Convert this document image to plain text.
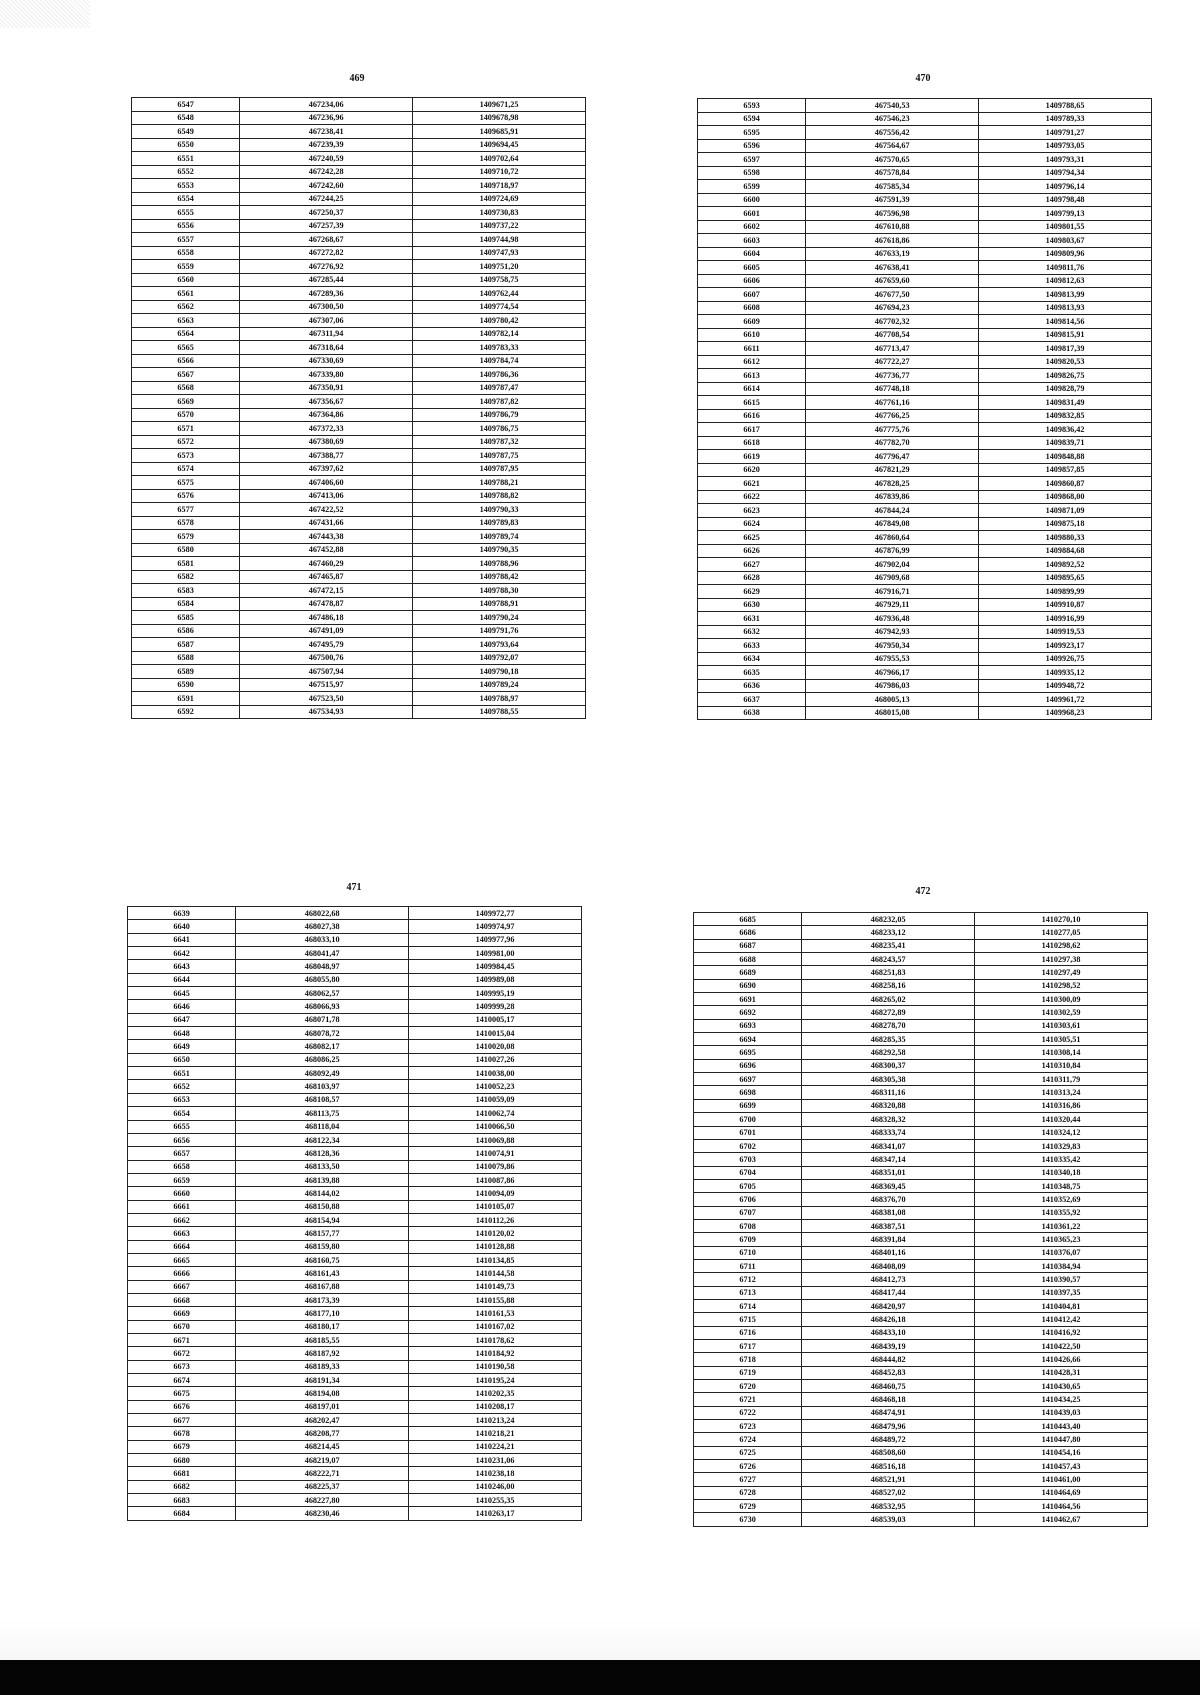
469
6547	467234,06	1409671,25
6548	467236,96	1409678,98
6549	467238,41	1409685,91
6550	467239,39	1409694,45
6551	467240,59	1409702,64
6552	467242,28	1409710,72
6553	467242,60	1409718,97
6554	467244,25	1409724,69
6555	467250,37	1409730,83
6556	467257,39	1409737,22
6557	467268,67	1409744,98
6558	467272,82	1409747,93
6559	467276,92	1409751,20
6560	467285,44	1409758,75
6561	467289,36	1409762,44
6562	467300,50	1409774,54
6563	467307,06	1409780,42
6564	467311,94	1409782,14
6565	467318,64	1409783,33
6566	467330,69	1409784,74
6567	467339,80	1409786,36
6568	467350,91	1409787,47
6569	467356,67	1409787,82
6570	467364,86	1409786,79
6571	467372,33	1409786,75
6572	467380,69	1409787,32
6573	467388,77	1409787,75
6574	467397,62	1409787,95
6575	467406,60	1409788,21
6576	467413,06	1409788,82
6577	467422,52	1409790,33
6578	467431,66	1409789,83
6579	467443,38	1409789,74
6580	467452,88	1409790,35
6581	467460,29	1409788,96
6582	467465,87	1409788,42
6583	467472,15	1409788,30
6584	467478,87	1409788,91
6585	467486,18	1409790,24
6586	467491,09	1409791,76
6587	467495,79	1409793,64
6588	467500,76	1409792,07
6589	467507,94	1409790,18
6590	467515,97	1409789,24
6591	467523,50	1409788,97
6592	467534,93	1409788,55
470
6593	467540,53	1409788,65
6594	467546,23	1409789,33
6595	467556,42	1409791,27
6596	467564,67	1409793,05
6597	467570,65	1409793,31
6598	467578,84	1409794,34
6599	467585,34	1409796,14
6600	467591,39	1409798,48
6601	467596,98	1409799,13
6602	467610,88	1409801,55
6603	467618,86	1409803,67
6604	467633,19	1409809,96
6605	467638,41	1409811,76
6606	467659,60	1409812,63
6607	467677,50	1409813,99
6608	467694,23	1409813,93
6609	467702,32	1409814,56
6610	467708,54	1409815,91
6611	467713,47	1409817,39
6612	467722,27	1409820,53
6613	467736,77	1409826,75
6614	467748,18	1409828,79
6615	467761,16	1409831,49
6616	467766,25	1409832,85
6617	467775,76	1409836,42
6618	467782,70	1409839,71
6619	467796,47	1409848,88
6620	467821,29	1409857,85
6621	467828,25	1409860,87
6622	467839,86	1409868,00
6623	467844,24	1409871,09
6624	467849,08	1409875,18
6625	467860,64	1409880,33
6626	467876,99	1409884,68
6627	467902,04	1409892,52
6628	467909,68	1409895,65
6629	467916,71	1409899,99
6630	467929,11	1409910,87
6631	467936,48	1409916,99
6632	467942,93	1409919,53
6633	467950,34	1409923,17
6634	467955,53	1409926,75
6635	467966,17	1409935,12
6636	467986,03	1409948,72
6637	468005,13	1409961,72
6638	468015,08	1409968,23
471
6639	468022,68	1409972,77
6640	468027,38	1409974,97
6641	468033,10	1409977,96
6642	468041,47	1409981,00
6643	468048,97	1409984,45
6644	468055,80	1409989,08
6645	468062,57	1409995,19
6646	468066,93	1409999,28
6647	468071,78	1410005,17
6648	468078,72	1410015,04
6649	468082,17	1410020,08
6650	468086,25	1410027,26
6651	468092,49	1410038,00
6652	468103,97	1410052,23
6653	468108,57	1410059,09
6654	468113,75	1410062,74
6655	468118,04	1410066,50
6656	468122,34	1410069,88
6657	468128,36	1410074,91
6658	468133,50	1410079,86
6659	468139,88	1410087,86
6660	468144,02	1410094,09
6661	468150,88	1410105,07
6662	468154,94	1410112,26
6663	468157,77	1410120,02
6664	468159,80	1410128,88
6665	468160,75	1410134,85
6666	468161,43	1410144,58
6667	468167,88	1410149,73
6668	468173,39	1410155,88
6669	468177,10	1410161,53
6670	468180,17	1410167,02
6671	468185,55	1410178,62
6672	468187,92	1410184,92
6673	468189,33	1410190,58
6674	468191,34	1410195,24
6675	468194,08	1410202,35
6676	468197,01	1410208,17
6677	468202,47	1410213,24
6678	468208,77	1410218,21
6679	468214,45	1410224,21
6680	468219,07	1410231,06
6681	468222,71	1410238,18
6682	468225,37	1410246,00
6683	468227,80	1410255,35
6684	468230,46	1410263,17
472
6685	468232,05	1410270,10
6686	468233,12	1410277,05
6687	468235,41	1410298,62
6688	468243,57	1410297,38
6689	468251,83	1410297,49
6690	468258,16	1410298,52
6691	468265,02	1410300,09
6692	468272,89	1410302,59
6693	468278,70	1410303,61
6694	468285,35	1410305,51
6695	468292,58	1410308,14
6696	468300,37	1410310,84
6697	468305,38	1410311,79
6698	468311,16	1410313,24
6699	468320,88	1410316,86
6700	468328,32	1410320,44
6701	468333,74	1410324,12
6702	468341,07	1410329,83
6703	468347,14	1410335,42
6704	468351,01	1410340,18
6705	468369,45	1410348,75
6706	468376,70	1410352,69
6707	468381,08	1410355,92
6708	468387,51	1410361,22
6709	468391,84	1410365,23
6710	468401,16	1410376,07
6711	468408,09	1410384,94
6712	468412,73	1410390,57
6713	468417,44	1410397,35
6714	468420,97	1410404,81
6715	468426,18	1410412,42
6716	468433,10	1410416,92
6717	468439,19	1410422,50
6718	468444,82	1410426,66
6719	468452,83	1410428,31
6720	468460,75	1410430,65
6721	468468,18	1410434,25
6722	468474,91	1410439,03
6723	468479,96	1410443,40
6724	468489,72	1410447,80
6725	468508,60	1410454,16
6726	468516,18	1410457,43
6727	468521,91	1410461,00
6728	468527,02	1410464,69
6729	468532,95	1410464,56
6730	468539,03	1410462,67
